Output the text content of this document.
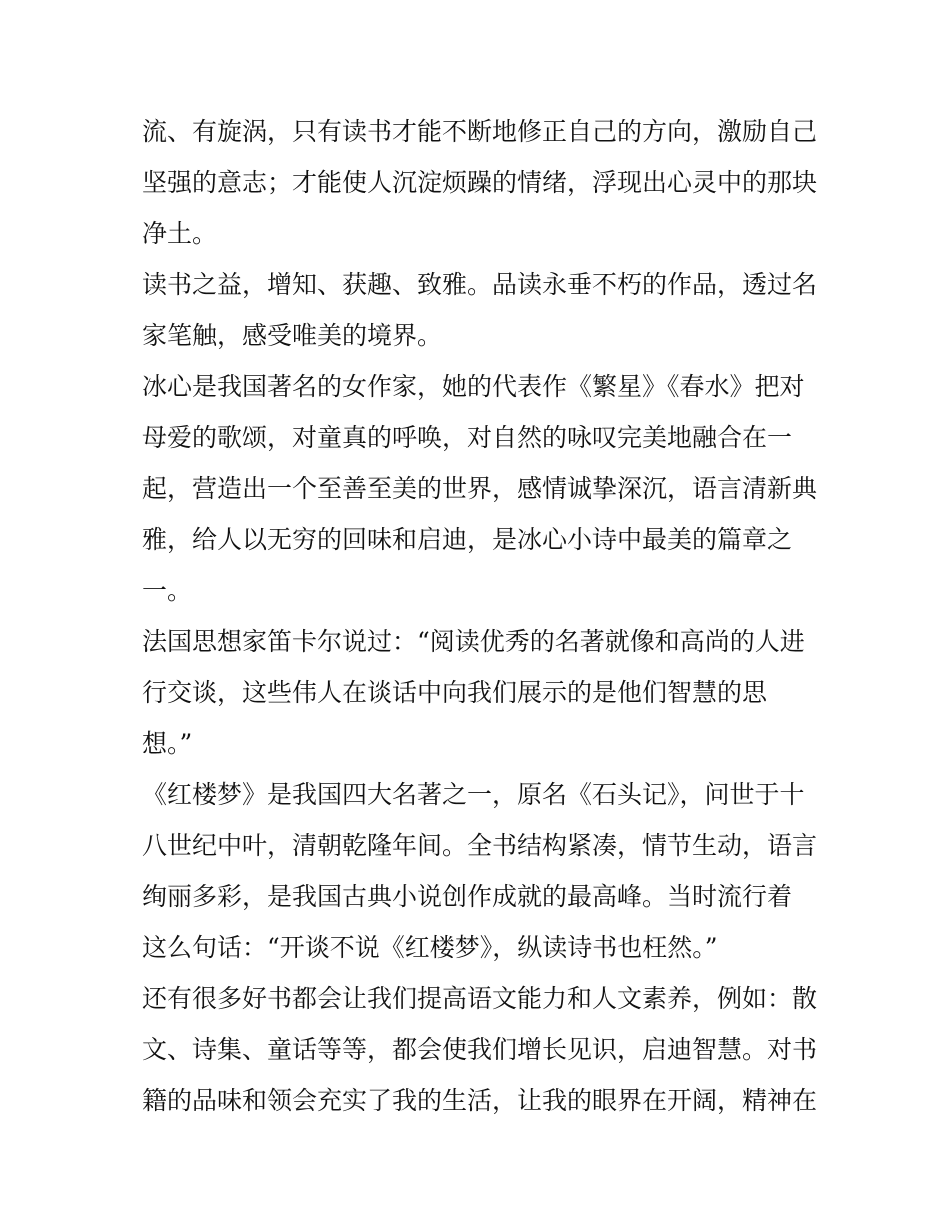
流、有旋涡，只有读书才能不断地修正自己的方向，激励自己
坚强的意志；才能使人沉淀烦躁的情绪，浮现出心灵中的那块
净土。
读书之益，增知、获趣、致雅。品读永垂不朽的作品，透过名
家笔触，感受唯美的境界。
冰心是我国著名的女作家，她的代表作《繁星》《春水》把对
母爱的歌颂，对童真的呼唤，对自然的咏叹完美地融合在一
起，营造出一个至善至美的世界，感情诚挚深沉，语言清新典
雅，给人以无穷的回味和启迪，是冰心小诗中最美的篇章之
一。
法国思想家笛卡尔说过：“阅读优秀的名著就像和高尚的人进
行交谈，这些伟人在谈话中向我们展示的是他们智慧的思
想。”
《红楼梦》是我国四大名著之一，原名《石头记》，问世于十
八世纪中叶，清朝乾隆年间。全书结构紧凑，情节生动，语言
绚丽多彩，是我国古典小说创作成就的最高峰。当时流行着
这么句话：“开谈不说《红楼梦》，纵读诗书也枉然。”
还有很多好书都会让我们提高语文能力和人文素养，例如：散
文、诗集、童话等等，都会使我们增长见识，启迪智慧。对书
籍的品味和领会充实了我的生活，让我的眼界在开阔，精神在
